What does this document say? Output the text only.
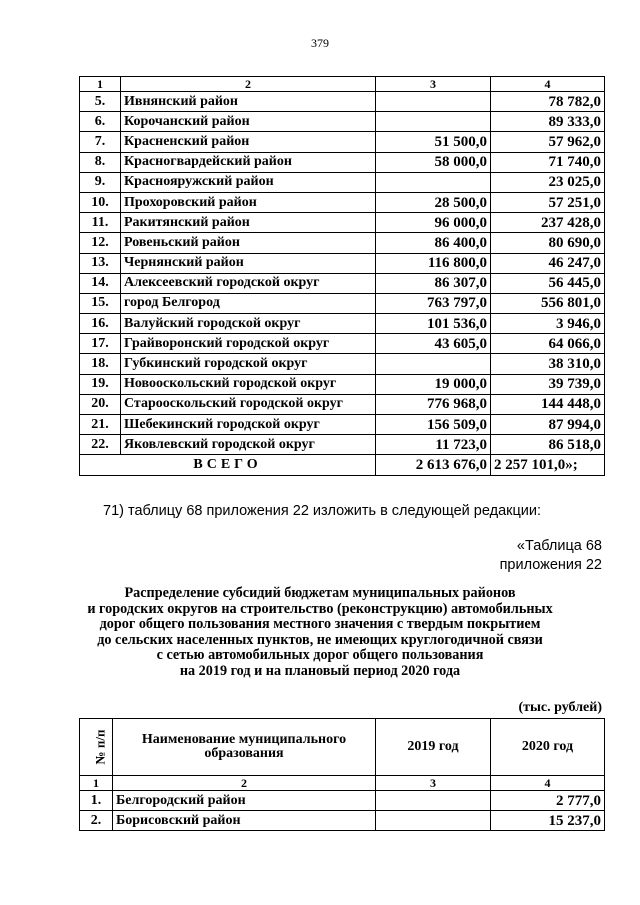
379
1	2	3	4
5.	Ивнянский район		78 782,0
6.	Корочанский район		89 333,0
7.	Красненский район	51 500,0	57 962,0
8.	Красногвардейский район	58 000,0	71 740,0
9.	Краснояружский район		23 025,0
10.	Прохоровский район	28 500,0	57 251,0
11.	Ракитянский район	96 000,0	237 428,0
12.	Ровеньский район	86 400,0	80 690,0
13.	Чернянский район	116 800,0	46 247,0
14.	Алексеевский городской округ	86 307,0	56 445,0
15.	город Белгород	763 797,0	556 801,0
16.	Валуйский городской округ	101 536,0	3 946,0
17.	Грайворонский городской округ	43 605,0	64 066,0
18.	Губкинский городской округ		38 310,0
19.	Новооскольский городской округ	19 000,0	39 739,0
20.	Старооскольский городской округ	776 968,0	144 448,0
21.	Шебекинский городской округ	156 509,0	87 994,0
22.	Яковлевский городской округ	11 723,0	86 518,0
ВСЕГО		2 613 676,0	2 257 101,0»;
71) таблицу 68 приложения 22 изложить в следующей редакции:
«Таблица 68
приложения 22
Распределение субсидий бюджетам муниципальных районов
и городских округов на строительство (реконструкцию) автомобильных
дорог общего пользования местного значения с твердым покрытием
до сельских населенных пунктов, не имеющих круглогодичной связи
с сетью автомобильных дорог общего пользования
на 2019 год и на плановый период 2020 года
(тыс. рублей)
№ п/п	Наименование муниципального образования	2019 год	2020 год
1	2	3	4
1.	Белгородский район		2 777,0
2.	Борисовский район		15 237,0
